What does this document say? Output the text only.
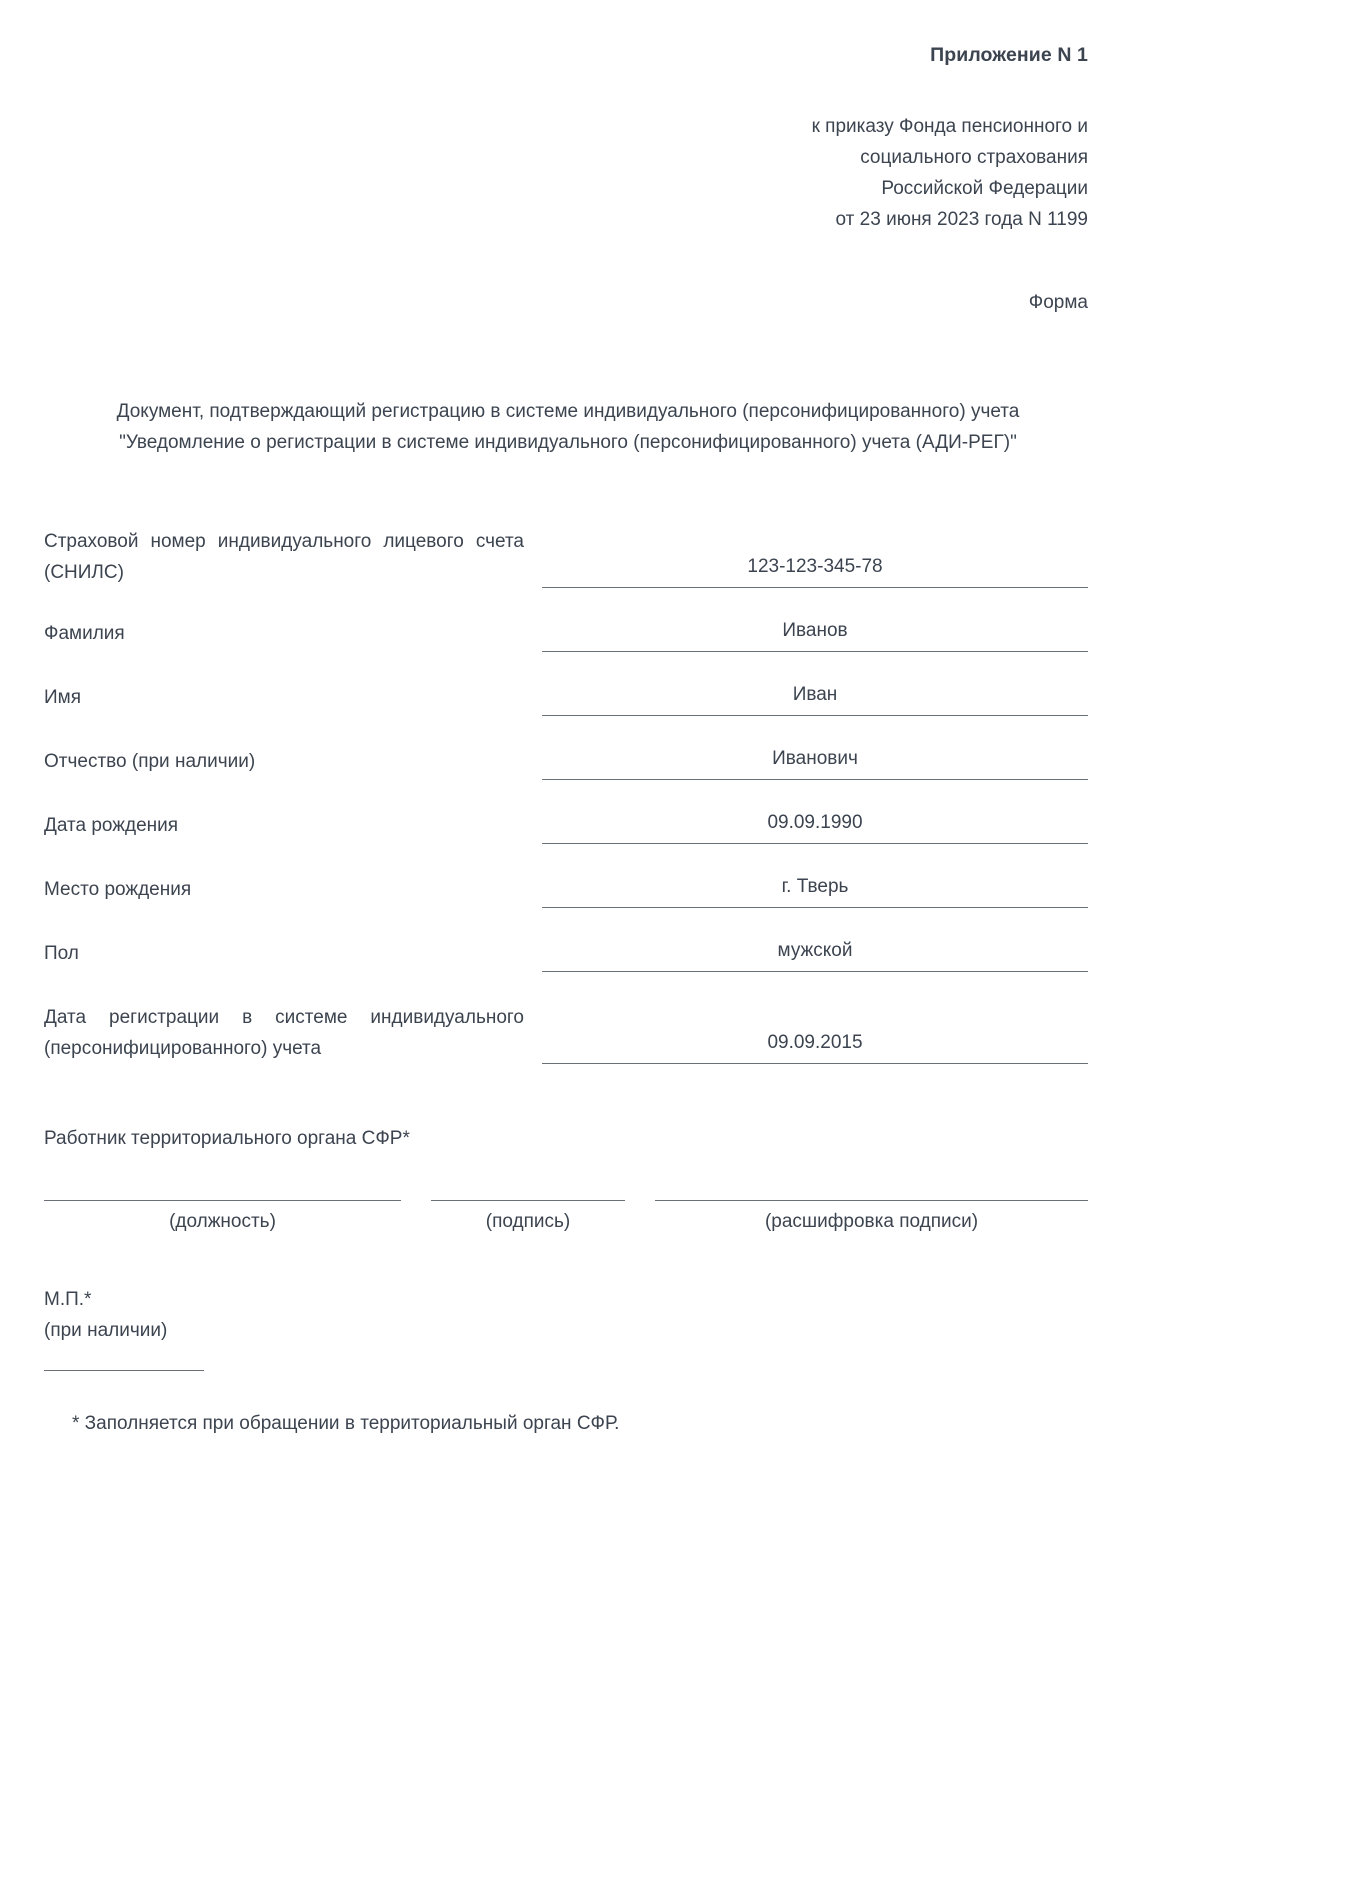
Приложение N 1
к приказу Фонда пенсионного и
социального страхования
Российской Федерации
от 23 июня 2023 года N 1199
Форма
Документ, подтверждающий регистрацию в системе индивидуального (персонифицированного) учета "Уведомление о регистрации в системе индивидуального (персонифицированного) учета (АДИ-РЕГ)"
Страховой номер индивидуального лицевого счета (СНИЛС)	123-123-345-78
Фамилия	Иванов
Имя	Иван
Отчество (при наличии)	Иванович
Дата рождения	09.09.1990
Место рождения	г. Тверь
Пол	мужской
Дата регистрации в системе индивидуального (персонифицированного) учета	09.09.2015
Работник территориального органа СФР*
(должность)	(подпись)	(расшифровка подписи)
М.П.*
(при наличии)
* Заполняется при обращении в территориальный орган СФР.
